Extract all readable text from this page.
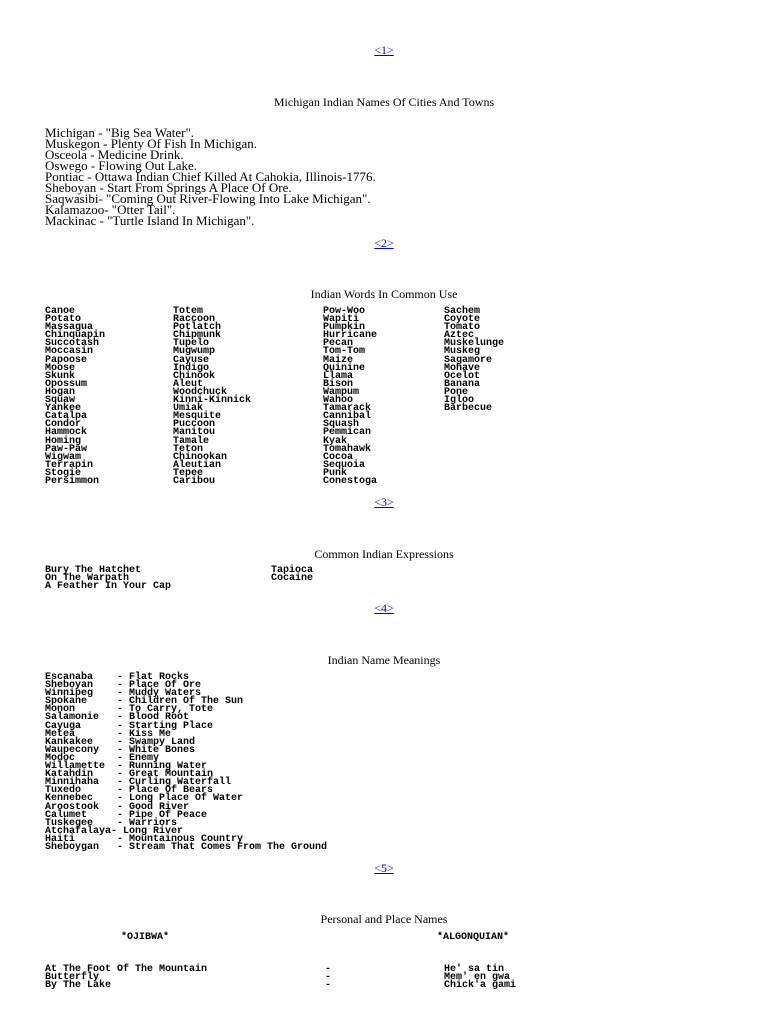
<1>
Michigan Indian Names Of Cities And Towns
Michigan - "Big Sea Water".
Muskegon - Plenty Of Fish In Michigan.
Osceola - Medicine Drink.
Oswego - Flowing Out Lake.
Pontiac - Ottawa Indian Chief Killed At Cahokia, Illinois-1776.
Sheboyan - Start From Springs A Place Of Ore.
Saqwasibi- "Coming Out River-Flowing Into Lake Michigan".
Kalamazoo- "Otter Tail".
Mackinac - "Turtle Island In Michigan".
<2>
Indian Words In Common Use
Canoe
Potato
Massagua
Chinquapin
Succotash
Moccasin
Papoose
Moose
Skunk
Opossum
Hogan
Squaw
Yankee
Catalpa
Condor
Hammock
Homing
Paw-Paw
Wigwam
Terrapin
Stogie
Persimmon
Totem
Raccoon
Potlatch
Chipmunk
Tupelo
Mugwump
Cayuse
Indigo
Chinook
Aleut
Woodchuck
Kinni-Kinnick
Umiak
Mesquite
Puccoon
Manitou
Tamale
Teton
Chinookan
Aleutian
Tepee
Caribou
Pow-Woo
Wapiti
Pumpkin
Hurricane
Pecan
Tom-Tom
Maize
Quinine
Llama
Bison
Wampum
Wahoo
Tamarack
Cannibal
Squash
Pemmican
Kyak
Tomahawk
Cocoa
Sequoia
Punk
Conestoga
Sachem
Coyote
Tomato
Aztec
Muskelunge
Muskeg
Sagamore
Mohave
Ocelot
Banana
Pone
Igloo
Barbecue
<3>
Common Indian Expressions
Bury The Hatchet
On The Warpath
A Feather In Your Cap
Tapioca
Cocaine
<4>
Indian Name Meanings
Escanaba    - Flat Rocks
Sheboyan    - Place Of Ore
Winnipeg    - Muddy Waters
Spokane     - Children Of The Sun
Monon       - To Carry, Tote
Salamonie   - Blood Root
Cayuga      - Starting Place
Metea       - Kiss Me
Kankakee    - Swampy Land
Waupecony   - White Bones
Modoc       - Enemy
Willamette  - Running Water
Katahdin    - Great Mountain
Minnihaha   - Curling Waterfall
Tuxedo      - Place Of Bears
Kennebec    - Long Place Of Water
Aroostook   - Good River
Calumet     - Pipe Of Peace
Tuskegee    - Warriors
Atchafalaya- Long River
Haiti       - Mountainous Country
Sheboygan   - Stream That Comes From The Ground
<5>
Personal and Place Names
*OJIBWA*	*ALGONQUIAN*
At The Foot Of The Mountain
Butterfly
By The Lake
-
-
-
He' sa tin
Mem' en gwa
Chick'a gami
